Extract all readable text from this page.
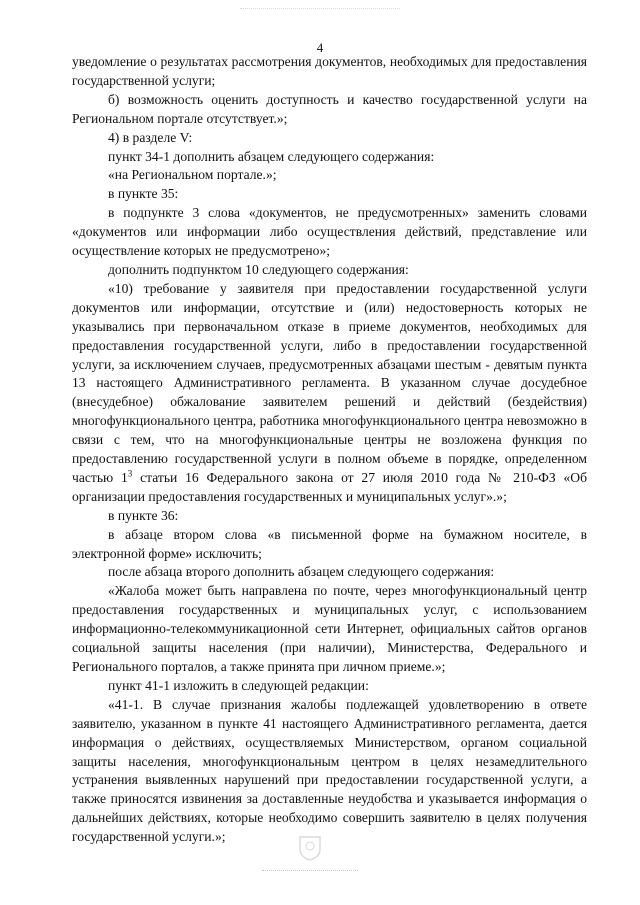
4

уведомление о результатах рассмотрения документов, необходимых для предоставления государственной услуги;

б) возможность оценить доступность и качество государственной услуги на Региональном портале отсутствует.»;

4) в разделе V:

пункт 34-1 дополнить абзацем следующего содержания:

«на Региональном портале.»;

в пункте 35:

в подпункте 3 слова «документов, не предусмотренных» заменить словами «документов или информации либо осуществления действий, представление или осуществление которых не предусмотрено»;

дополнить подпунктом 10 следующего содержания:

«10) требование у заявителя при предоставлении государственной услуги документов или информации, отсутствие и (или) недостоверность которых не указывались при первоначальном отказе в приеме документов, необходимых для предоставления государственной услуги, либо в предоставлении государственной услуги, за исключением случаев, предусмотренных абзацами шестым - девятым пункта 13 настоящего Административного регламента. В указанном случае досудебное (внесудебное) обжалование заявителем решений и действий (бездействия) многофункционального центра, работника многофункционального центра невозможно в связи с тем, что на многофункциональные центры не возложена функция по предоставлению государственной услуги в полном объеме в порядке, определенном частью $1^3$ статьи 16 Федерального закона от 27 июля 2010 года № 210-ФЗ «Об организации предоставления государственных и муниципальных услуг».»;

в пункте 36:

в абзаце втором слова «в письменной форме на бумажном носителе, в электронной форме» исключить;

после абзаца второго дополнить абзацем следующего содержания:

«Жалоба может быть направлена по почте, через многофункциональный центр предоставления государственных и муниципальных услуг, с использованием информационно-телекоммуникационной сети Интернет, официальных сайтов органов социальной защиты населения (при наличии), Министерства, Федерального и Регионального порталов, а также принята при личном приеме.»;

пункт 41-1 изложить в следующей редакции:

«41-1. В случае признания жалобы подлежащей удовлетворению в ответе заявителю, указанном в пункте 41 настоящего Административного регламента, дается информация о действиях, осуществляемых Министерством, органом социальной защиты населения, многофункциональным центром в целях незамедлительного устранения выявленных нарушений при предоставлении государственной услуги, а также приносятся извинения за доставленные неудобства и указывается информация о дальнейших действиях, которые необходимо совершить заявителю в целях получения государственной услуги.»;
